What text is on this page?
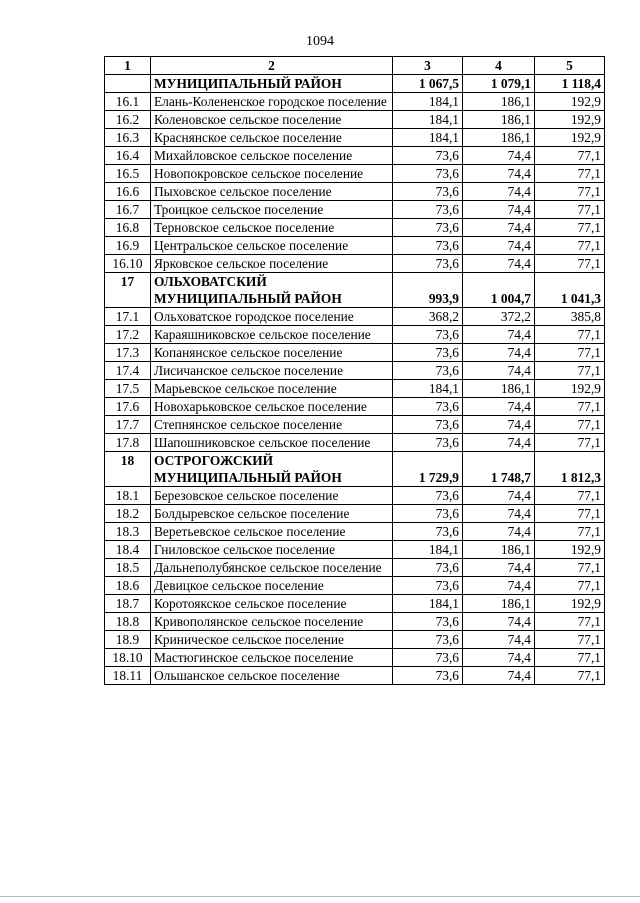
1094
1	2	3	4	5
	МУНИЦИПАЛЬНЫЙ РАЙОН	1 067,5	1 079,1	1 118,4
16.1	Елань-Колененское городское поселение	184,1	186,1	192,9
16.2	Коленовское сельское поселение	184,1	186,1	192,9
16.3	Краснянское сельское поселение	184,1	186,1	192,9
16.4	Михайловское сельское поселение	73,6	74,4	77,1
16.5	Новопокровское сельское поселение	73,6	74,4	77,1
16.6	Пыховское сельское поселение	73,6	74,4	77,1
16.7	Троицкое сельское поселение	73,6	74,4	77,1
16.8	Терновское сельское поселение	73,6	74,4	77,1
16.9	Центральское сельское поселение	73,6	74,4	77,1
16.10	Ярковское сельское поселение	73,6	74,4	77,1
17	ОЛЬХОВАТСКИЙ МУНИЦИПАЛЬНЫЙ РАЙОН	993,9	1 004,7	1 041,3
17.1	Ольховатское городское поселение	368,2	372,2	385,8
17.2	Караяшниковское сельское поселение	73,6	74,4	77,1
17.3	Копанянское сельское поселение	73,6	74,4	77,1
17.4	Лисичанское сельское поселение	73,6	74,4	77,1
17.5	Марьевское сельское поселение	184,1	186,1	192,9
17.6	Новохарьковское сельское поселение	73,6	74,4	77,1
17.7	Степнянское сельское поселение	73,6	74,4	77,1
17.8	Шапошниковское сельское поселение	73,6	74,4	77,1
18	ОСТРОГОЖСКИЙ МУНИЦИПАЛЬНЫЙ РАЙОН	1 729,9	1 748,7	1 812,3
18.1	Березовское сельское поселение	73,6	74,4	77,1
18.2	Болдыревское сельское поселение	73,6	74,4	77,1
18.3	Веретьевское сельское поселение	73,6	74,4	77,1
18.4	Гниловское сельское поселение	184,1	186,1	192,9
18.5	Дальнеполубянское сельское поселение	73,6	74,4	77,1
18.6	Девицкое сельское поселение	73,6	74,4	77,1
18.7	Коротоякское сельское поселение	184,1	186,1	192,9
18.8	Кривополянское сельское поселение	73,6	74,4	77,1
18.9	Криническое сельское поселение	73,6	74,4	77,1
18.10	Мастюгинское сельское поселение	73,6	74,4	77,1
18.11	Ольшанское сельское поселение	73,6	74,4	77,1
